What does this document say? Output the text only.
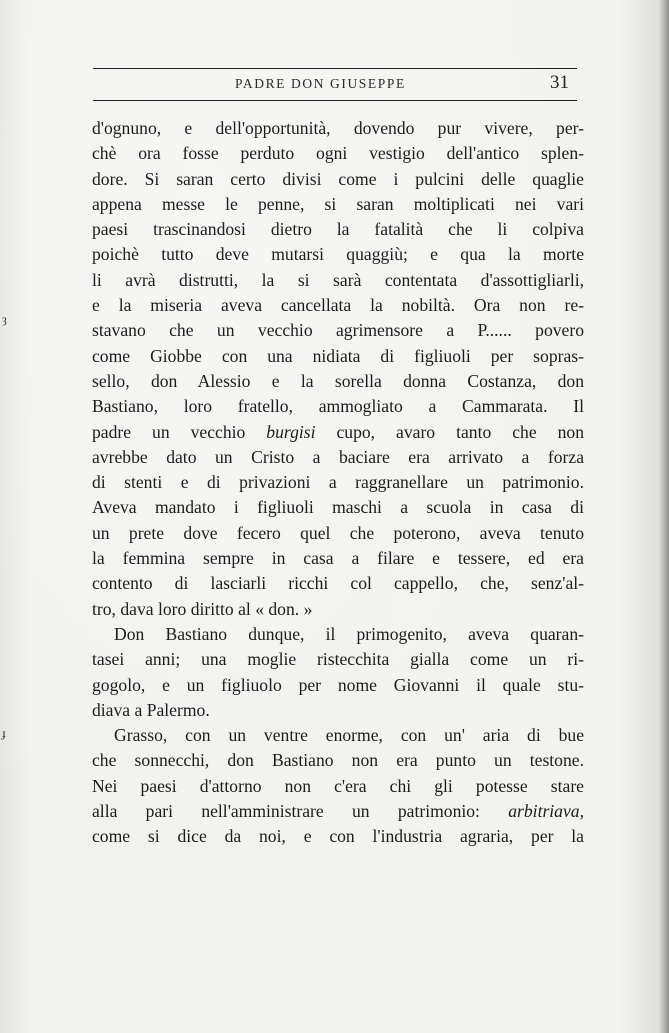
PADRE DON GIUSEPPE	31
ȝ
ɟ
d'ognuno, e dell'opportunità, dovendo pur vivere, per-
chè ora fosse perduto ogni vestigio dell'antico splen-
dore. Si saran certo divisi come i pulcini delle quaglie
appena messe le penne, si saran moltiplicati nei vari
paesi trascinandosi dietro la fatalità che li colpiva
poichè tutto deve mutarsi quaggiù; e qua la morte
li avrà distrutti, la si sarà contentata d'assottigliarli,
e la miseria aveva cancellata la nobiltà. Ora non re-
stavano che un vecchio agrimensore a P...... povero
come Giobbe con una nidiata di figliuoli per sopras-
sello, don Alessio e la sorella donna Costanza, don
Bastiano, loro fratello, ammogliato a Cammarata. Il
padre un vecchio burgisi cupo, avaro tanto che non
avrebbe dato un Cristo a baciare era arrivato a forza
di stenti e di privazioni a raggranellare un patrimonio.
Aveva mandato i figliuoli maschi a scuola in casa di
un prete dove fecero quel che poterono, aveva tenuto
la femmina sempre in casa a filare e tessere, ed era
contento di lasciarli ricchi col cappello, che, senz'al-
tro, dava loro diritto al « don. »
Don Bastiano dunque, il primogenito, aveva quaran-
tasei anni; una moglie ristecchita gialla come un ri-
gogolo, e un figliuolo per nome Giovanni il quale stu-
diava a Palermo.
Grasso, con un ventre enorme, con un' aria di bue
che sonnecchi, don Bastiano non era punto un testone.
Nei paesi d'attorno non c'era chi gli potesse stare
alla pari nell'amministrare un patrimonio: arbitriava,
come si dice da noi, e con l'industria agraria, per la
